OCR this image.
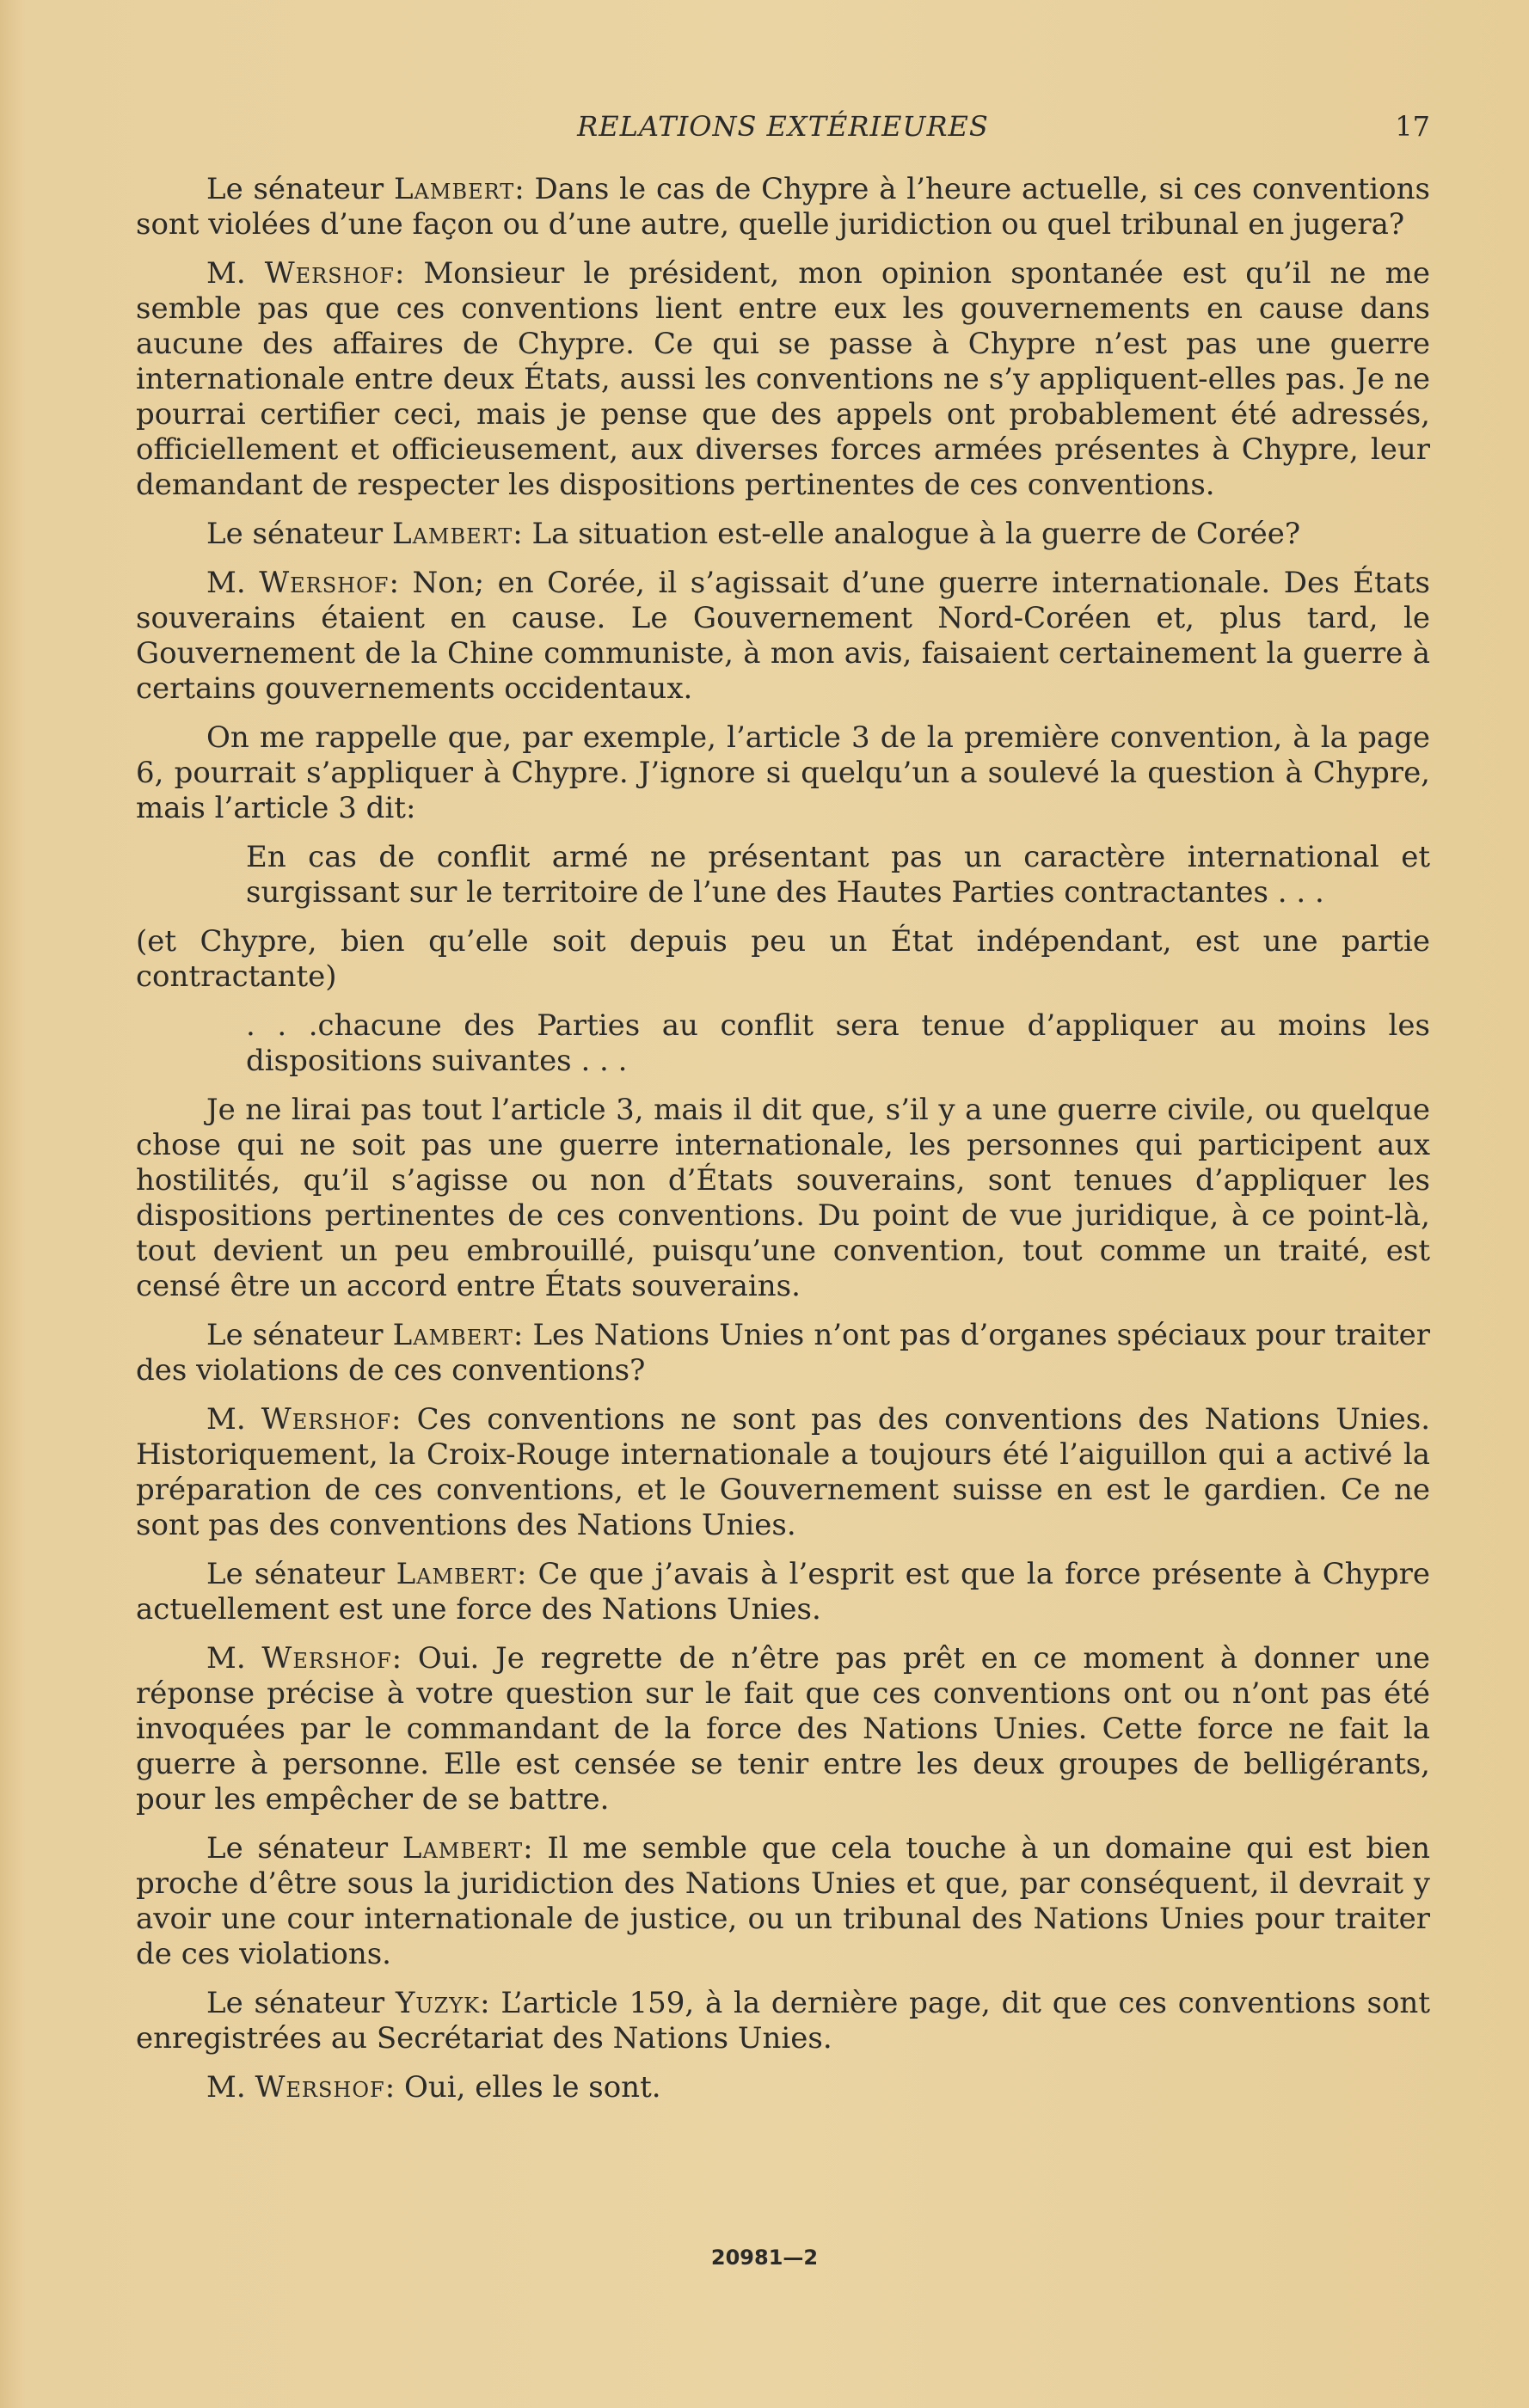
RELATIONS EXTÉRIEURES	17

Le sénateur Lambert: Dans le cas de Chypre à l’heure actuelle, si ces conventions sont violées d’une façon ou d’une autre, quelle juridiction ou quel tribunal en jugera?

M. Wershof: Monsieur le président, mon opinion spontanée est qu’il ne me semble pas que ces conventions lient entre eux les gouvernements en cause dans aucune des affaires de Chypre. Ce qui se passe à Chypre n’est pas une guerre internationale entre deux États, aussi les conventions ne s’y appliquent-elles pas. Je ne pourrai certifier ceci, mais je pense que des appels ont probablement été adressés, officiellement et officieusement, aux diverses forces armées présentes à Chypre, leur demandant de respecter les dispositions pertinentes de ces conventions.

Le sénateur Lambert: La situation est-elle analogue à la guerre de Corée?

M. Wershof: Non; en Corée, il s’agissait d’une guerre internationale. Des États souverains étaient en cause. Le Gouvernement Nord-Coréen et, plus tard, le Gouvernement de la Chine communiste, à mon avis, faisaient certainement la guerre à certains gouvernements occidentaux.

On me rappelle que, par exemple, l’article 3 de la première convention, à la page 6, pourrait s’appliquer à Chypre. J’ignore si quelqu’un a soulevé la question à Chypre, mais l’article 3 dit:

En cas de conflit armé ne présentant pas un caractère international et surgissant sur le territoire de l’une des Hautes Parties contractantes . . .

(et Chypre, bien qu’elle soit depuis peu un État indépendant, est une partie contractante)

. . .chacune des Parties au conflit sera tenue d’appliquer au moins les dispositions suivantes . . .

Je ne lirai pas tout l’article 3, mais il dit que, s’il y a une guerre civile, ou quelque chose qui ne soit pas une guerre internationale, les personnes qui participent aux hostilités, qu’il s’agisse ou non d’États souverains, sont tenues d’appliquer les dispositions pertinentes de ces conventions. Du point de vue juridique, à ce point-là, tout devient un peu embrouillé, puisqu’une convention, tout comme un traité, est censé être un accord entre États souverains.

Le sénateur Lambert: Les Nations Unies n’ont pas d’organes spéciaux pour traiter des violations de ces conventions?

M. Wershof: Ces conventions ne sont pas des conventions des Nations Unies. Historiquement, la Croix-Rouge internationale a toujours été l’aiguillon qui a activé la préparation de ces conventions, et le Gouvernement suisse en est le gardien. Ce ne sont pas des conventions des Nations Unies.

Le sénateur Lambert: Ce que j’avais à l’esprit est que la force présente à Chypre actuellement est une force des Nations Unies.

M. Wershof: Oui. Je regrette de n’être pas prêt en ce moment à donner une réponse précise à votre question sur le fait que ces conventions ont ou n’ont pas été invoquées par le commandant de la force des Nations Unies. Cette force ne fait la guerre à personne. Elle est censée se tenir entre les deux groupes de belligérants, pour les empêcher de se battre.

Le sénateur Lambert: Il me semble que cela touche à un domaine qui est bien proche d’être sous la juridiction des Nations Unies et que, par conséquent, il devrait y avoir une cour internationale de justice, ou un tribunal des Nations Unies pour traiter de ces violations.

Le sénateur Yuzyk: L’article 159, à la dernière page, dit que ces conventions sont enregistrées au Secrétariat des Nations Unies.

M. Wershof: Oui, elles le sont.

20981—2
